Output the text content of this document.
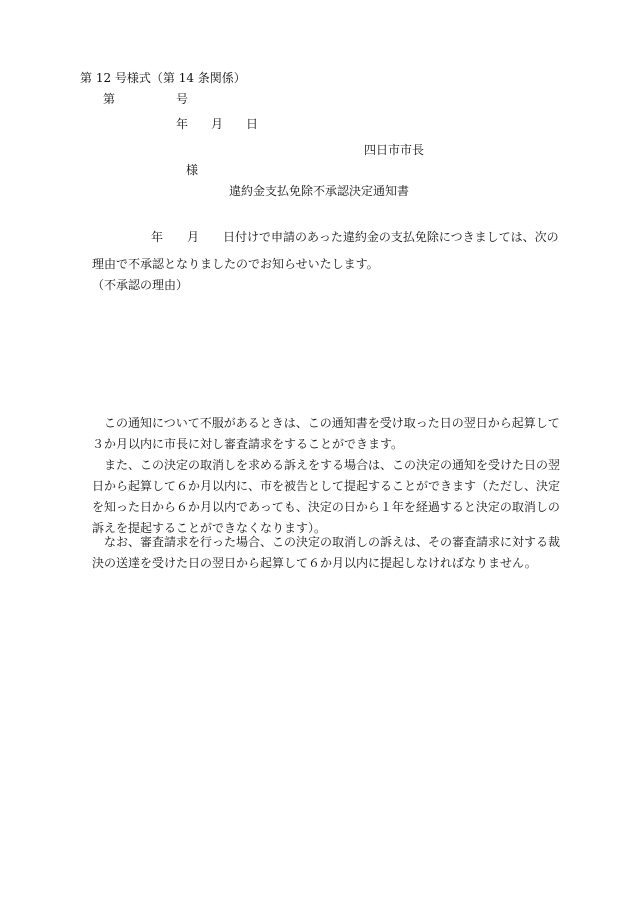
第 12 号様式（第 14 条関係）
第	号
年 月 日
四日市市長
様
違約金支払免除不承認決定通知書
年 月 日付けで申請のあった違約金の支払免除につきましては、次の
理由で不承認となりましたのでお知らせいたします。
（不承認の理由）
この通知について不服があるときは、この通知書を受け取った日の翌日から起算して
３か月以内に市長に対し審査請求をすることができます。
また、この決定の取消しを求める訴えをする場合は、この決定の通知を受けた日の翌
日から起算して６か月以内に、市を被告として提起することができます（ただし、決定
を知った日から６か月以内であっても、決定の日から１年を経過すると決定の取消しの
訴えを提起することができなくなります）。
なお、審査請求を行った場合、この決定の取消しの訴えは、その審査請求に対する裁
決の送達を受けた日の翌日から起算して６か月以内に提起しなければなりません。
